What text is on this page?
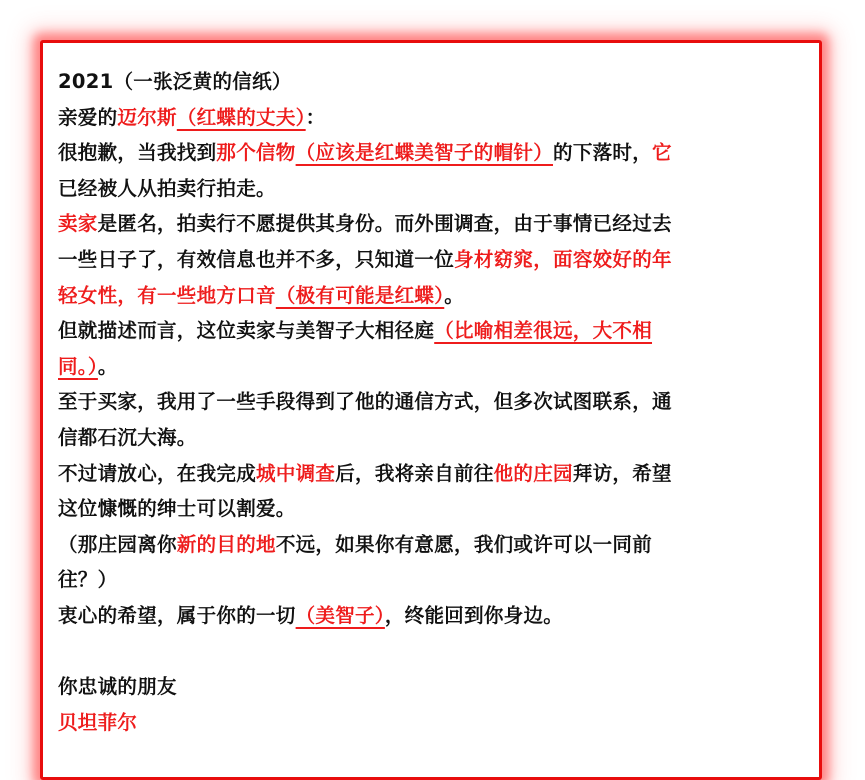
2021（一张泛黄的信纸）
亲爱的迈尔斯（红蝶的丈夫）：
很抱歉，当我找到那个信物（应该是红蝶美智子的帽针）的下落时，它
已经被人从拍卖行拍走。
卖家是匿名，拍卖行不愿提供其身份。而外围调查，由于事情已经过去
一些日子了，有效信息也并不多，只知道一位身材窈窕，面容姣好的年
轻女性，有一些地方口音（极有可能是红蝶）。
但就描述而言，这位卖家与美智子大相径庭（比喻相差很远，大不相
同。）。
至于买家，我用了一些手段得到了他的通信方式，但多次试图联系，通
信都石沉大海。
不过请放心，在我完成城中调查后，我将亲自前往他的庄园拜访，希望
这位慷慨的绅士可以割爱。
（那庄园离你新的目的地不远，如果你有意愿，我们或许可以一同前
往？）
衷心的希望，属于你的一切（美智子），终能回到你身边。
你忠诚的朋友
贝坦菲尔
